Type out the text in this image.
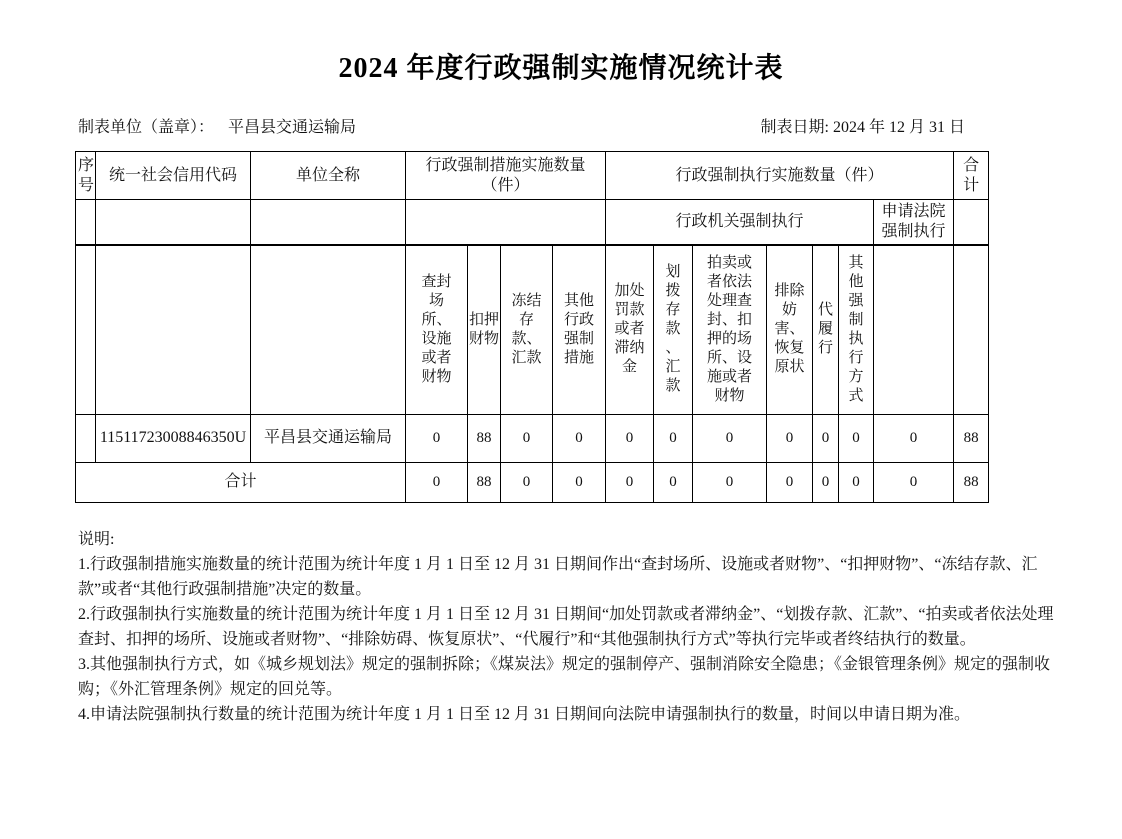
2024 年度行政强制实施情况统计表
制表单位（盖章）： 平昌县交通运输局	制表日期: 2024 年 12 月 31 日
序号	统一社会信用代码	单位全称	行政强制措施实施数量（件）				行政强制执行实施数量（件）							合计
							行政机关强制执行						申请法院强制执行	
			查封场所、设施或者财物	扣押财物	冻结存款、汇款	其他行政强制措施	加处罚款或者滞纳金	划拨存款、汇款	拍卖或者依法处理查封、扣押的场所、设施或者财物	排除妨害、恢复原状	代履行	其他强制执行方式		
	11511723008846350U	平昌县交通运输局	0	88	0	0	0	0	0	0	0	0	0	88
合计			0	88	0	0	0	0	0	0	0	0	0	88

说明:

1.行政强制措施实施数量的统计范围为统计年度 1 月 1 日至 12 月 31 日期间作出“查封场所、设施或者财物”、“扣押财物”、“冻结存款、汇款”或者“其他行政强制措施”决定的数量。

2.行政强制执行实施数量的统计范围为统计年度 1 月 1 日至 12 月 31 日期间“加处罚款或者滞纳金”、“划拨存款、汇款”、“拍卖或者依法处理查封、扣押的场所、设施或者财物”、“排除妨碍、恢复原状”、“代履行”和“其他强制执行方式”等执行完毕或者终结执行的数量。

3.其他强制执行方式，如《城乡规划法》规定的强制拆除；《煤炭法》规定的强制停产、强制消除安全隐患；《金银管理条例》规定的强制收购；《外汇管理条例》规定的回兑等。

4.申请法院强制执行数量的统计范围为统计年度 1 月 1 日至 12 月 31 日期间向法院申请强制执行的数量，时间以申请日期为准。
